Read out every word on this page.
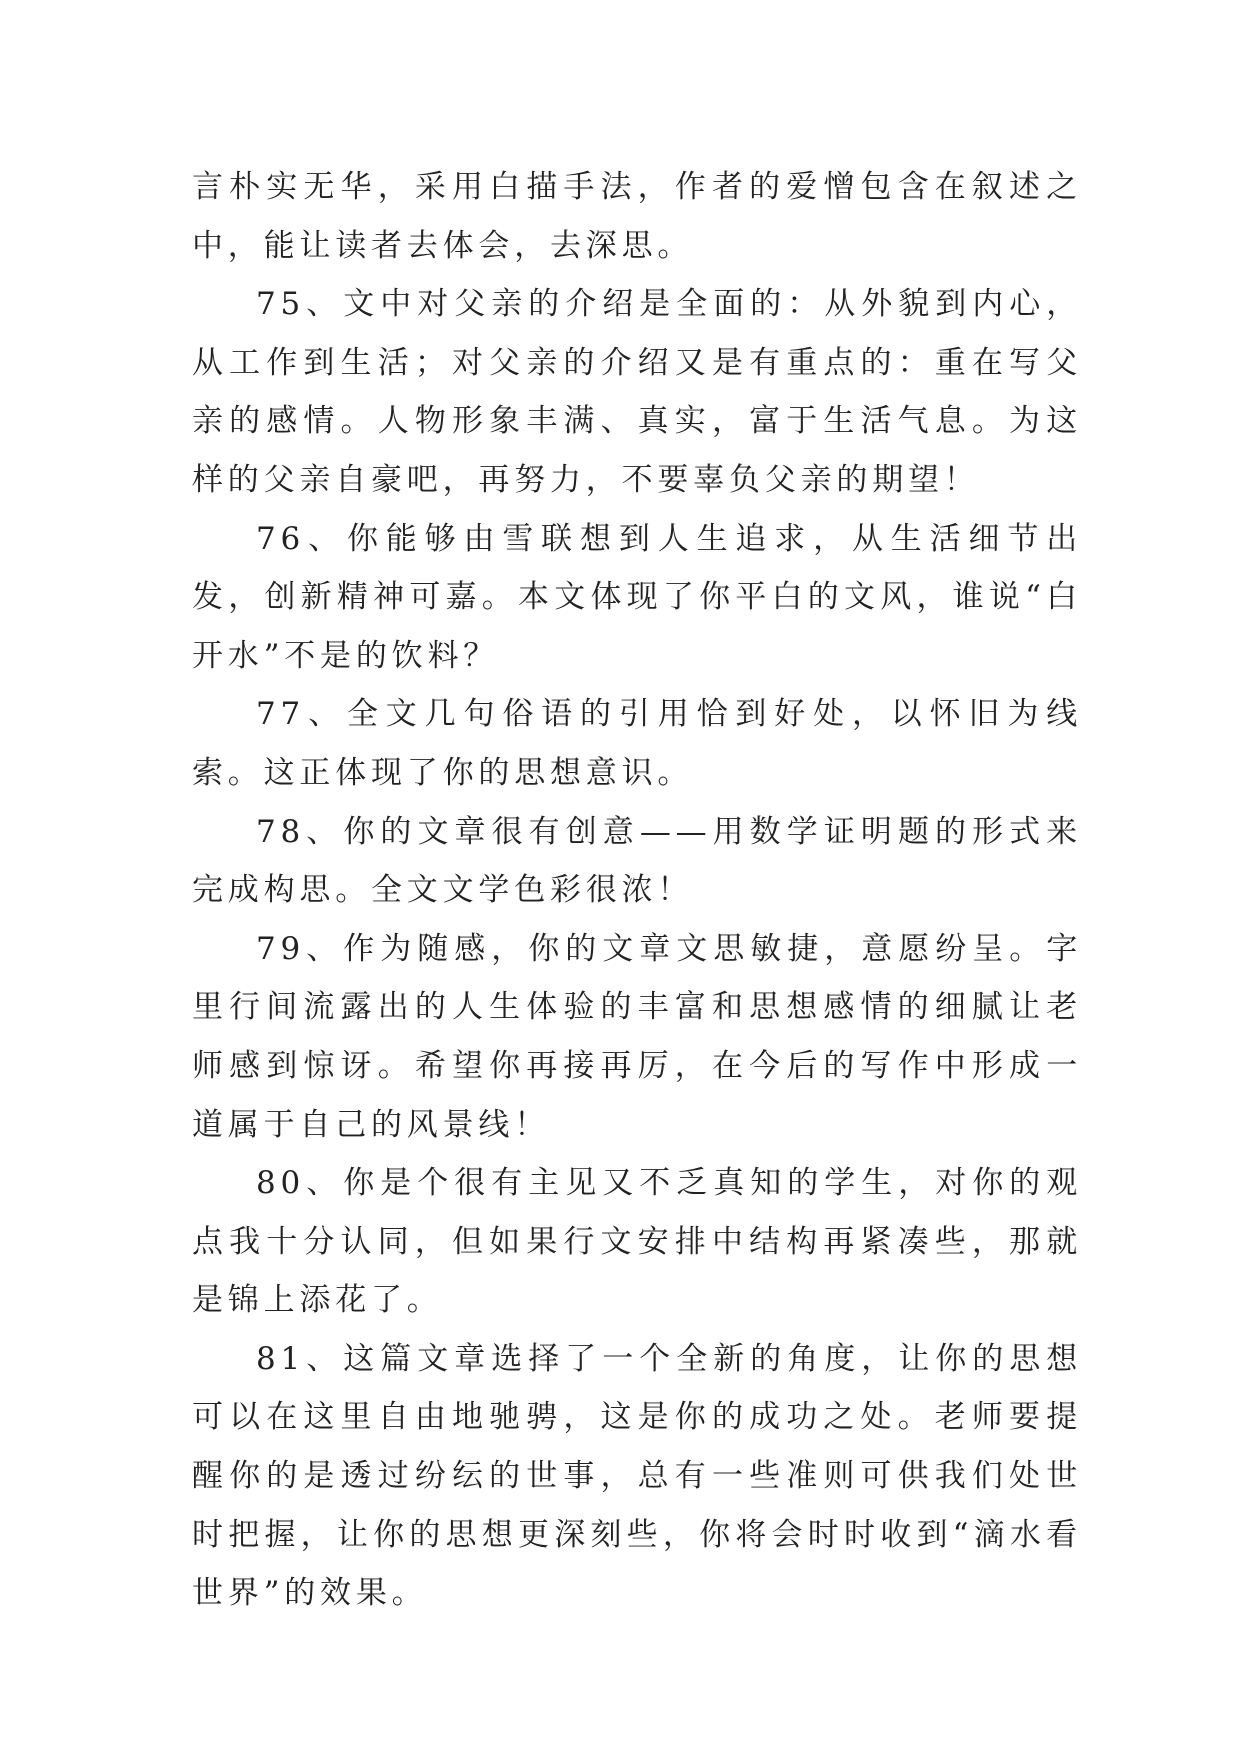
言朴实无华，采用白描手法，作者的爱憎包含在叙述之中，能让读者去体会，去深思。

75、文中对父亲的介绍是全面的：从外貌到内心，从工作到生活；对父亲的介绍又是有重点的：重在写父亲的感情。人物形象丰满、真实，富于生活气息。为这样的父亲自豪吧，再努力，不要辜负父亲的期望！

76、你能够由雪联想到人生追求，从生活细节出发，创新精神可嘉。本文体现了你平白的文风，谁说“白开水”不是的饮料？

77、全文几句俗语的引用恰到好处，以怀旧为线索。这正体现了你的思想意识。

78、你的文章很有创意——用数学证明题的形式来完成构思。全文文学色彩很浓！

79、作为随感，你的文章文思敏捷，意愿纷呈。字里行间流露出的人生体验的丰富和思想感情的细腻让老师感到惊讶。希望你再接再厉，在今后的写作中形成一道属于自己的风景线！

80、你是个很有主见又不乏真知的学生，对你的观点我十分认同，但如果行文安排中结构再紧凑些，那就是锦上添花了。

81、这篇文章选择了一个全新的角度，让你的思想可以在这里自由地驰骋，这是你的成功之处。老师要提醒你的是透过纷纭的世事，总有一些准则可供我们处世时把握，让你的思想更深刻些，你将会时时收到“滴水看世界”的效果。
